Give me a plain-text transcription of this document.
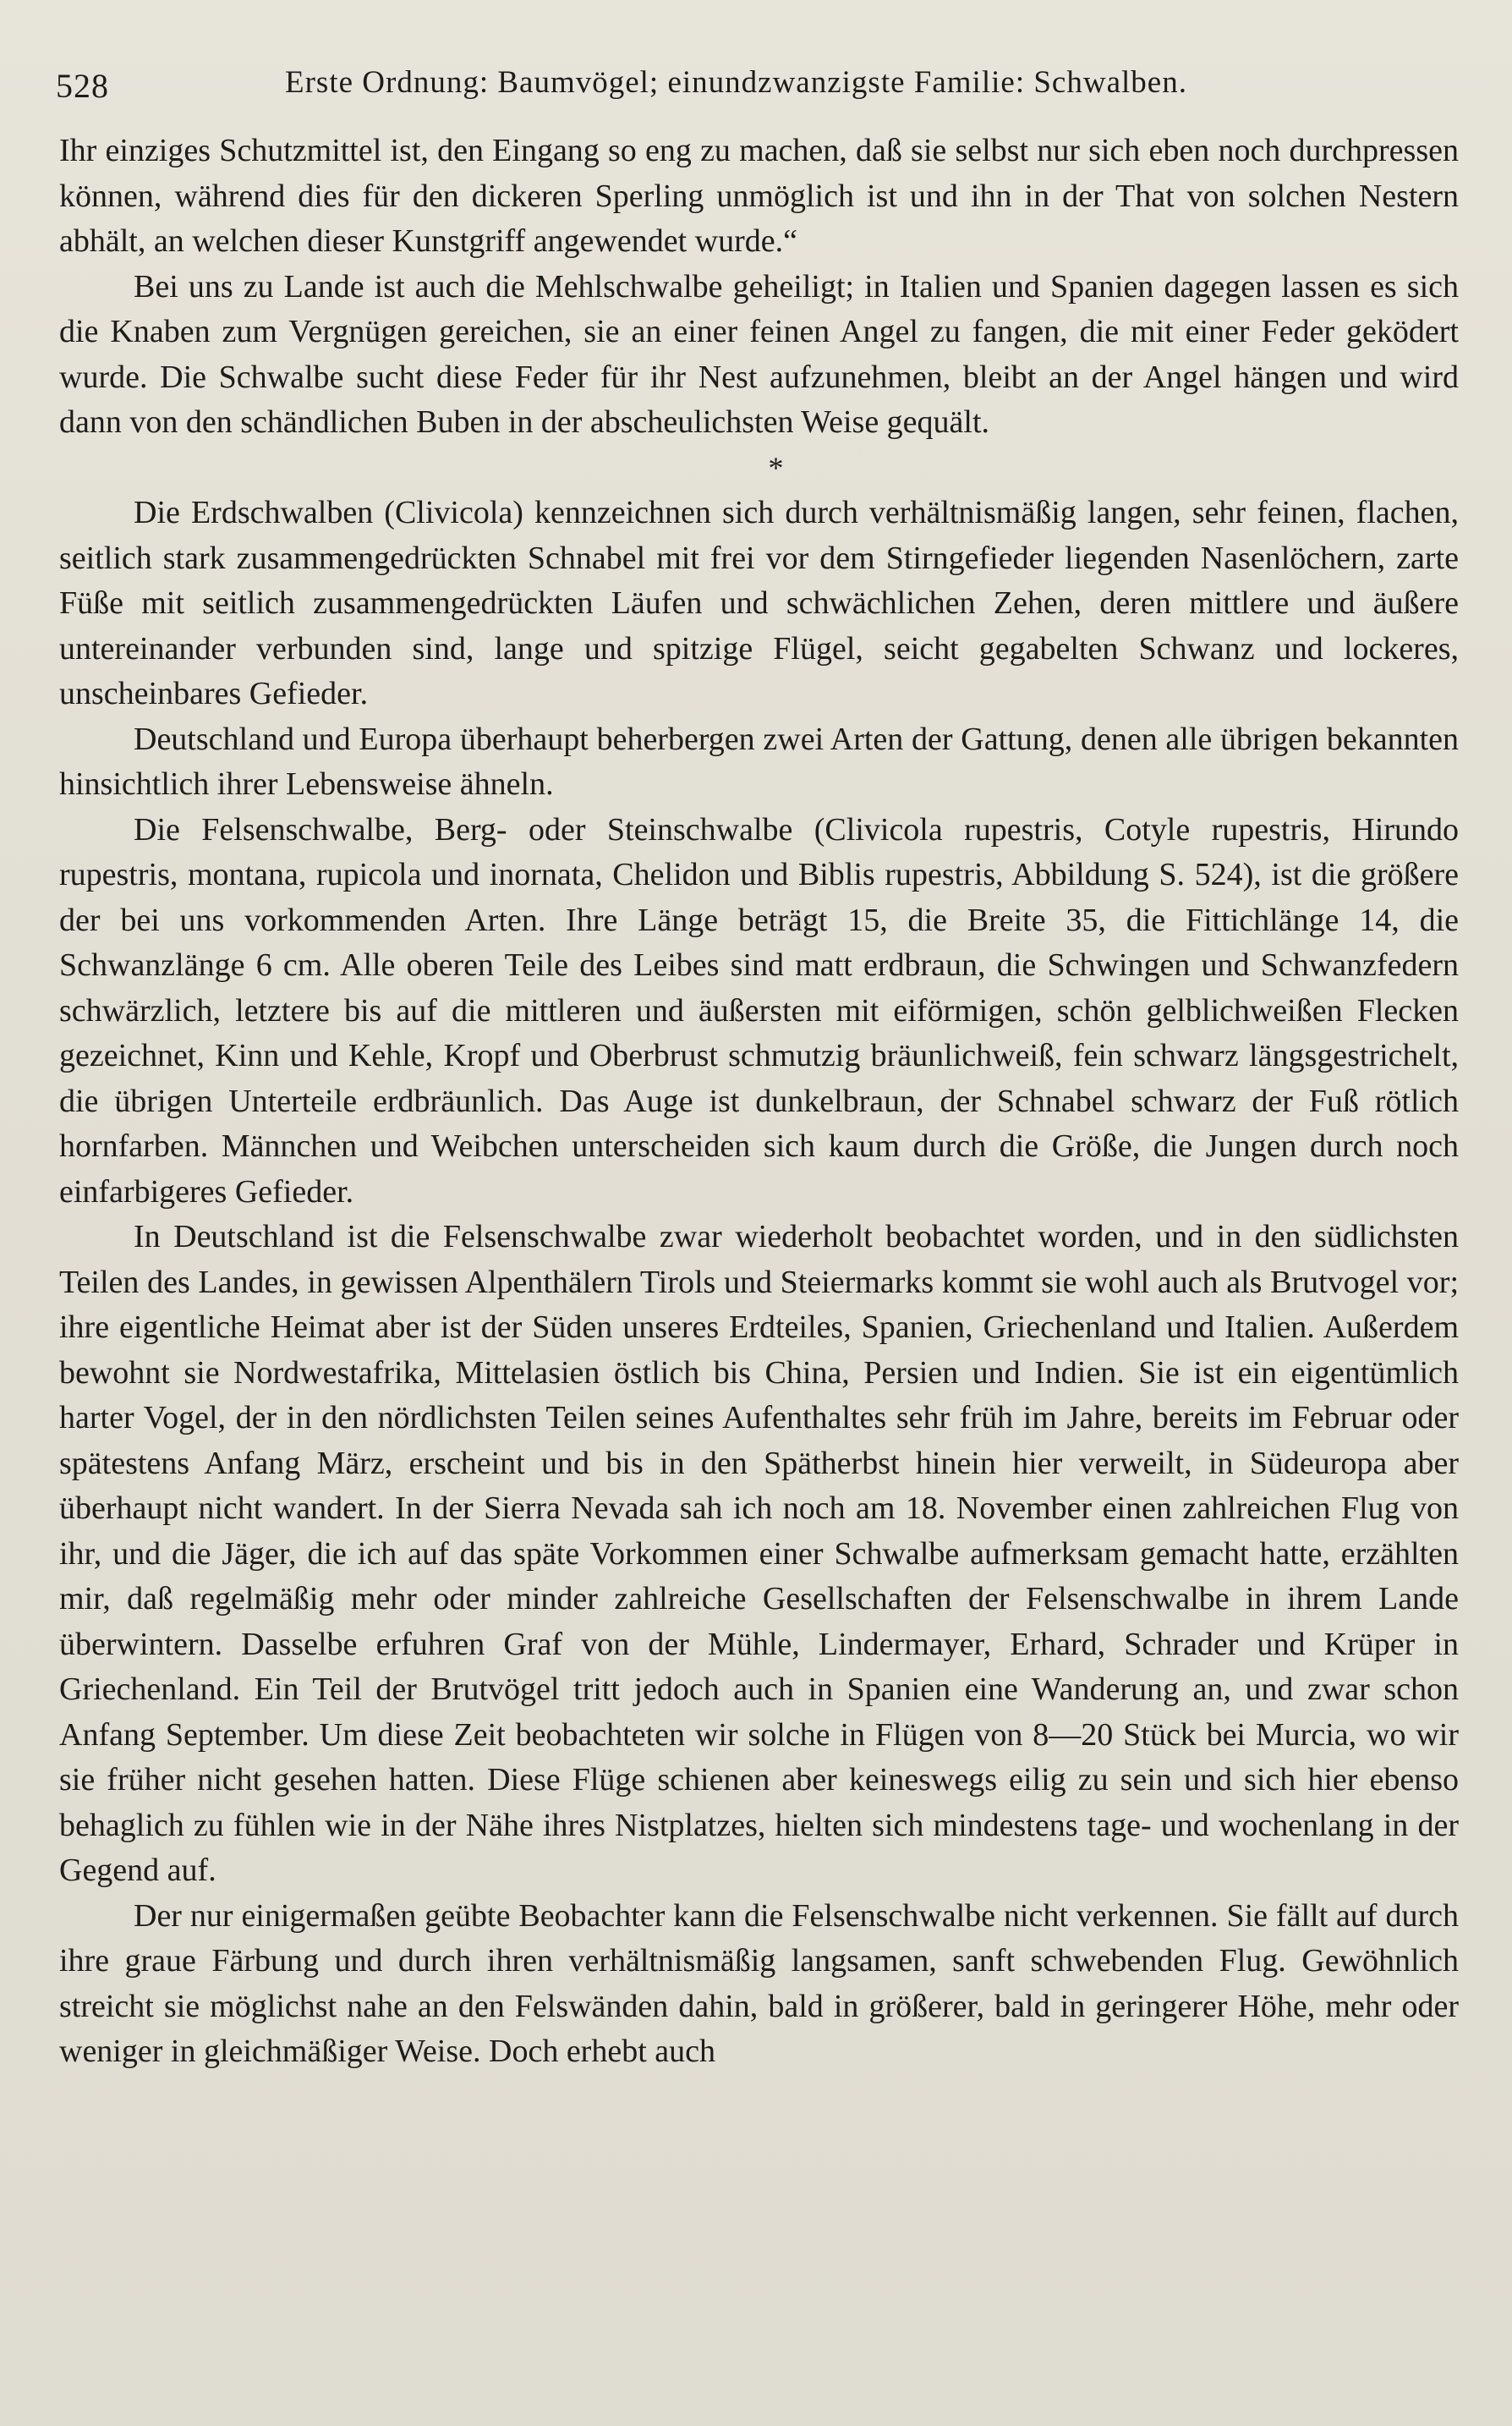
528	Erste Ordnung: Baumvögel; einundzwanzigste Familie: Schwalben.

Ihr einziges Schutzmittel ist, den Eingang so eng zu machen, daß sie selbst nur sich eben noch durchpressen können, während dies für den dickeren Sperling unmöglich ist und ihn in der That von solchen Nestern abhält, an welchen dieser Kunstgriff angewendet wurde.“

Bei uns zu Lande ist auch die Mehlschwalbe geheiligt; in Italien und Spanien dagegen lassen es sich die Knaben zum Vergnügen gereichen, sie an einer feinen Angel zu fangen, die mit einer Feder geködert wurde. Die Schwalbe sucht diese Feder für ihr Nest aufzunehmen, bleibt an der Angel hängen und wird dann von den schändlichen Buben in der abscheulichsten Weise gequält.

*

Die Erdschwalben (Clivicola) kennzeichnen sich durch verhältnismäßig langen, sehr feinen, flachen, seitlich stark zusammengedrückten Schnabel mit frei vor dem Stirngefieder liegenden Nasenlöchern, zarte Füße mit seitlich zusammengedrückten Läufen und schwächlichen Zehen, deren mittlere und äußere untereinander verbunden sind, lange und spitzige Flügel, seicht gegabelten Schwanz und lockeres, unscheinbares Gefieder.

Deutschland und Europa überhaupt beherbergen zwei Arten der Gattung, denen alle übrigen bekannten hinsichtlich ihrer Lebensweise ähneln.

Die Felsenschwalbe, Berg- oder Steinschwalbe (Clivicola rupestris, Cotyle rupestris, Hirundo rupestris, montana, rupicola und inornata, Chelidon und Biblis rupestris, Abbildung S. 524), ist die größere der bei uns vorkommenden Arten. Ihre Länge beträgt 15, die Breite 35, die Fittichlänge 14, die Schwanzlänge 6 cm. Alle oberen Teile des Leibes sind matt erdbraun, die Schwingen und Schwanzfedern schwärzlich, letztere bis auf die mittleren und äußersten mit eiförmigen, schön gelblichweißen Flecken gezeichnet, Kinn und Kehle, Kropf und Oberbrust schmutzig bräunlichweiß, fein schwarz längsgestrichelt, die übrigen Unterteile erdbräunlich. Das Auge ist dunkelbraun, der Schnabel schwarz der Fuß rötlich hornfarben. Männchen und Weibchen unterscheiden sich kaum durch die Größe, die Jungen durch noch einfarbigeres Gefieder.

In Deutschland ist die Felsenschwalbe zwar wiederholt beobachtet worden, und in den südlichsten Teilen des Landes, in gewissen Alpenthälern Tirols und Steiermarks kommt sie wohl auch als Brutvogel vor; ihre eigentliche Heimat aber ist der Süden unseres Erdteiles, Spanien, Griechenland und Italien. Außerdem bewohnt sie Nordwestafrika, Mittelasien östlich bis China, Persien und Indien. Sie ist ein eigentümlich harter Vogel, der in den nördlichsten Teilen seines Aufenthaltes sehr früh im Jahre, bereits im Februar oder spätestens Anfang März, erscheint und bis in den Spätherbst hinein hier verweilt, in Südeuropa aber überhaupt nicht wandert. In der Sierra Nevada sah ich noch am 18. November einen zahlreichen Flug von ihr, und die Jäger, die ich auf das späte Vorkommen einer Schwalbe aufmerksam gemacht hatte, erzählten mir, daß regelmäßig mehr oder minder zahlreiche Gesellschaften der Felsenschwalbe in ihrem Lande überwintern. Dasselbe erfuhren Graf von der Mühle, Lindermayer, Erhard, Schrader und Krüper in Griechenland. Ein Teil der Brutvögel tritt jedoch auch in Spanien eine Wanderung an, und zwar schon Anfang September. Um diese Zeit beobachteten wir solche in Flügen von 8—20 Stück bei Murcia, wo wir sie früher nicht gesehen hatten. Diese Flüge schienen aber keineswegs eilig zu sein und sich hier ebenso behaglich zu fühlen wie in der Nähe ihres Nistplatzes, hielten sich mindestens tage- und wochenlang in der Gegend auf.

Der nur einigermaßen geübte Beobachter kann die Felsenschwalbe nicht verkennen. Sie fällt auf durch ihre graue Färbung und durch ihren verhältnismäßig langsamen, sanft schwebenden Flug. Gewöhnlich streicht sie möglichst nahe an den Felswänden dahin, bald in größerer, bald in geringerer Höhe, mehr oder weniger in gleichmäßiger Weise. Doch erhebt auch
